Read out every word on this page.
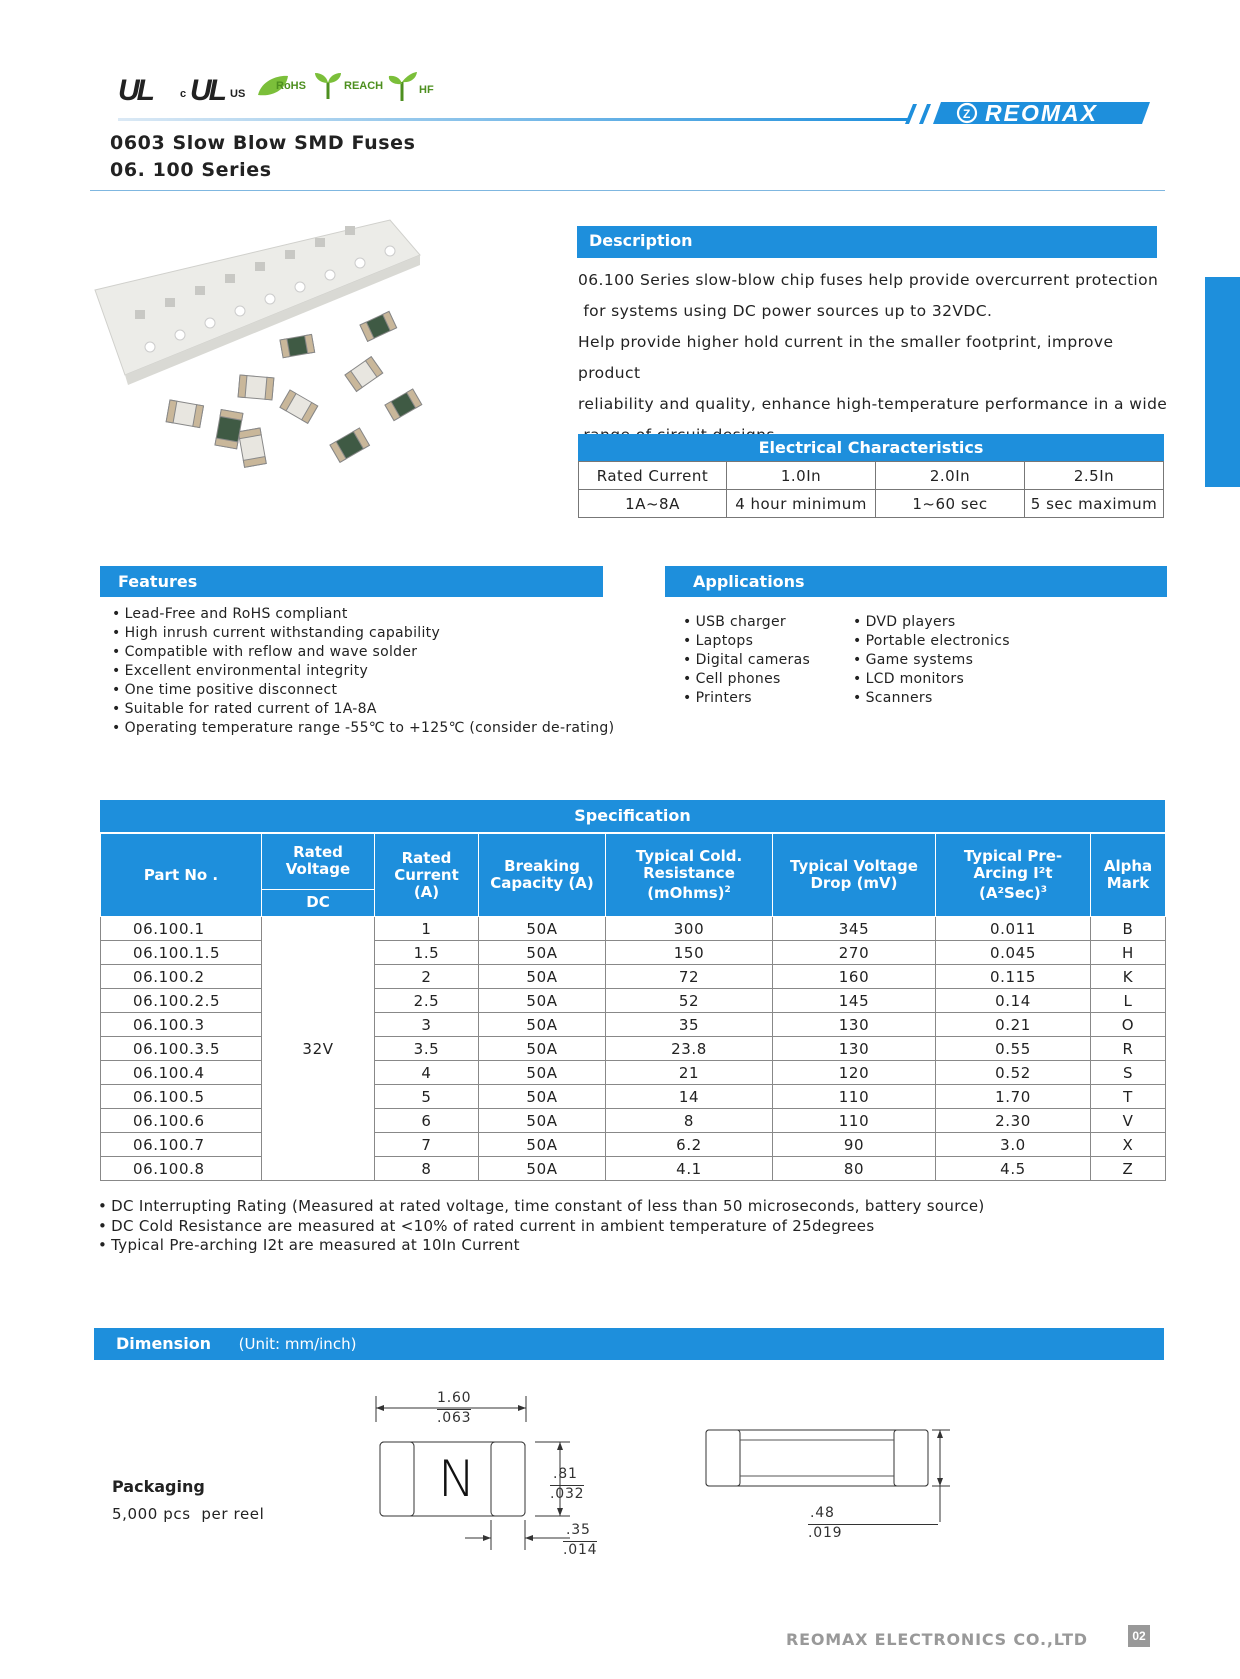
UL	c UL US
RoHS	REACH	HF
Z REOMAX
0603 Slow Blow SMD Fuses
06. 100 Series
Description

06.100 Series slow-blow chip fuses help provide overcurrent protection

for systems using DC power sources up to 32VDC.

Help provide higher hold current in the smaller footprint, improve product

reliability and quality, enhance high-temperature performance in a wide

Electrical Characteristics
Rated Current	1.0In	2.0In	2.5In
1A~8A	4 hour minimum	1~60 sec	5 sec maximum
Features
• Lead-Free and RoHS compliant
• High inrush current withstanding capability
• Compatible with reflow and wave solder
• Excellent environmental integrity
• One time positive disconnect
• Suitable for rated current of 1A-8A
• Operating temperature range -55℃ to +125℃ (consider de-rating)
Applications
• USB charger
• Laptops
• Digital cameras
• Cell phones
• Printers
• DVD players
• Portable electronics
• Game systems
• LCD monitors
• Scanners
Specification
Part No .	Rated Voltage	Rated Current (A)	Breaking Capacity (A)	Typical Cold. Resistance (mOhms)$^2$	Typical Voltage Drop (mV)	Typical Pre-Arcing I²t $(A^2Sec)^3$	Alpha Mark
	DC						
06.100.1	32V	1	50A	300	345	0.011	B
06.100.1.5		1.5	50A	150	270	0.045	H
06.100.2		2	50A	72	160	0.115	K
06.100.2.5		2.5	50A	52	145	0.14	L
06.100.3		3	50A	35	130	0.21	O
06.100.3.5		3.5	50A	23.8	130	0.55	R
06.100.4		4	50A	21	120	0.52	S
06.100.5		5	50A	14	110	1.70	T
06.100.6		6	50A	8	110	2.30	V
06.100.7		7	50A	6.2	90	3.0	X
06.100.8		8	50A	4.1	80	4.5	Z
• DC Interrupting Rating (Measured at rated voltage, time constant of less than 50 microseconds, battery source)
• DC Cold Resistance are measured at <10% of rated current in ambient temperature of 25degrees
• Typical Pre-arching I2t are measured at 10In Current
Dimension (Unit: mm/inch)
1.60
.063
N	.81
.032
.35
.014
.48
.019
Packaging
5,000 pcs  per reel
REOMAX ELECTRONICS CO.,LTD	02
